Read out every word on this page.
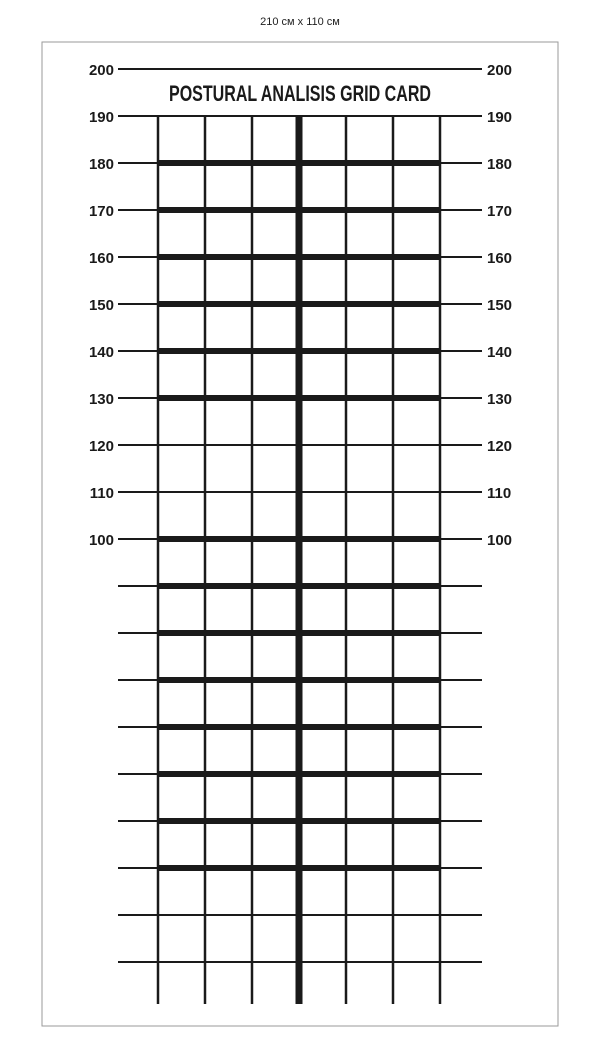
210 см х 110 см
POSTURAL ANALISIS GRID CARD
200
190
180
170
160
150
140
130
120
110
100
200
190
180
170
160
150
140
130
120
110
100
